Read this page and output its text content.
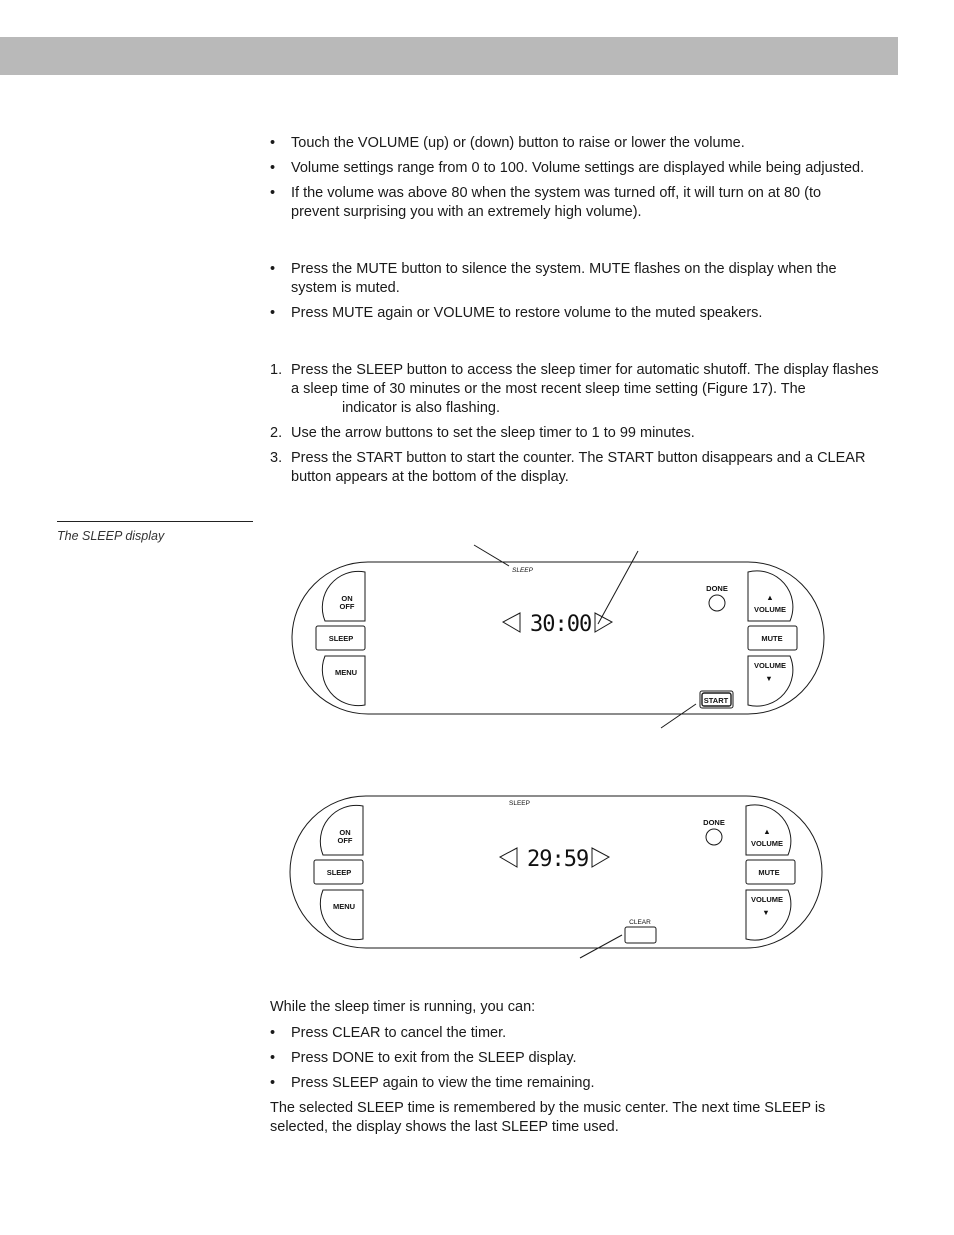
• Touch the VOLUME (up) or (down) button to raise or lower the volume.
• Volume settings range from 0 to 100. Volume settings are displayed while being adjusted.
• If the volume was above 80 when the system was turned off, it will turn on at 80 (to prevent surprising you with an extremely high volume).
• Press the MUTE button to silence the system. MUTE flashes on the display when the system is muted.
• Press MUTE again or VOLUME to restore volume to the muted speakers.
1. Press the SLEEP button to access the sleep timer for automatic shutoff. The display flashes a sleep time of 30 minutes or the most recent sleep time setting (Figure 17). The
indicator is also flashing.
2. Use the arrow buttons to set the sleep timer to 1 to 99 minutes.
3. Press the START button to start the counter. The START button disappears and a CLEAR button appears at the bottom of the display.
The SLEEP display
SLEEP
30:00
ON
OFF
SLEEP
MENU
▲
VOLUME
MUTE
VOLUME
▼
DONE
START
SLEEP
29:59
ON
OFF
SLEEP
MENU
▲
VOLUME
MUTE
VOLUME
▼
DONE
CLEAR
While the sleep timer is running, you can:
• Press CLEAR to cancel the timer.
• Press DONE to exit from the SLEEP display.
• Press SLEEP again to view the time remaining.
The selected SLEEP time is remembered by the music center. The next time SLEEP is selected, the display shows the last SLEEP time used.
